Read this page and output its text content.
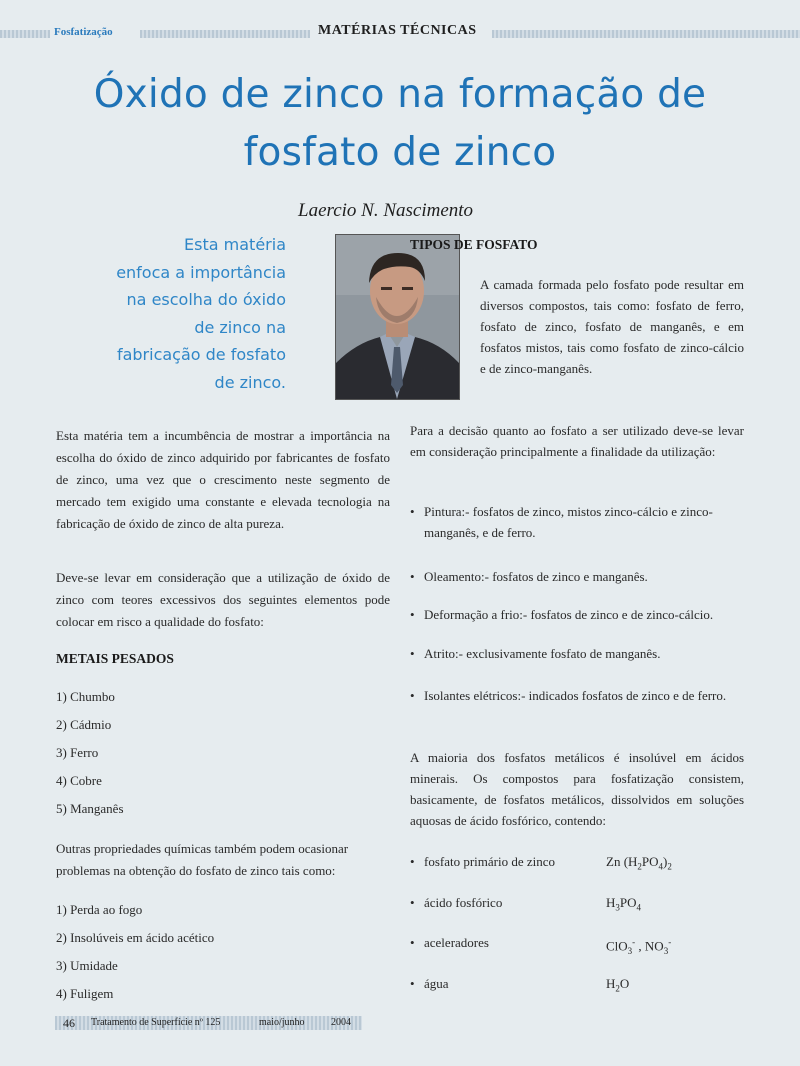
Fosfatização	MATÉRIAS TÉCNICAS
Óxido de zinco na formação de
fosfato de zinco
Laercio N. Nascimento
Esta matéria
enfoca a importância
na escolha do óxido
de zinco na
fabricação de fosfato
de zinco.
Esta matéria tem a incumbência de mostrar a importância na escolha do óxido de zinco adquirido por fabricantes de fosfato de zinco, uma vez que o crescimento neste segmento de mercado tem exigido uma constante e elevada tecnologia na fabricação de óxido de zinco de alta pureza.
Deve-se levar em consideração que a utilização de óxido de zinco com teores excessivos dos seguintes elementos pode colocar em risco a qualidade do fosfato:
METAIS PESADOS
1) Chumbo
2) Cádmio
3) Ferro
4) Cobre
5) Manganês
Outras propriedades químicas também podem ocasionar problemas na obtenção do fosfato de zinco tais como:
1) Perda ao fogo
2) Insolúveis em ácido acético
3) Umidade
4) Fuligem
TIPOS DE FOSFATO
A camada formada pelo fosfato pode resultar em diversos compostos, tais como: fosfato de ferro, fosfato de zinco, fosfato de manganês, e em fosfatos mistos, tais como fosfato de zinco-cálcio e de zinco-manganês.
Para a decisão quanto ao fosfato a ser utilizado deve-se levar em consideração principalmente a finalidade da utilização:
• Pintura:- fosfatos de zinco, mistos zinco-cálcio e zinco-manganês, e de ferro.
• Oleamento:- fosfatos de zinco e manganês.
• Deformação a frio:- fosfatos de zinco e de zinco-cálcio.
• Atrito:- exclusivamente fosfato de manganês.
• Isolantes elétricos:- indicados fosfatos de zinco e de ferro.
A maioria dos fosfatos metálicos é insolúvel em ácidos minerais. Os compostos para fosfatização consistem, basicamente, de fosfatos metálicos, dissolvidos em soluções aquosas de ácido fosfórico, contendo:
• fosfato primário de zinco	Zn $(H_2PO_4)_2$
• ácido fosfórico	$H_3PO_4$
• aceleradores	ClO$_3$- , $NO_3^-$
• água	$H_2O$
46 Tratamento de Superfície nº 125	maio/junho	2004
